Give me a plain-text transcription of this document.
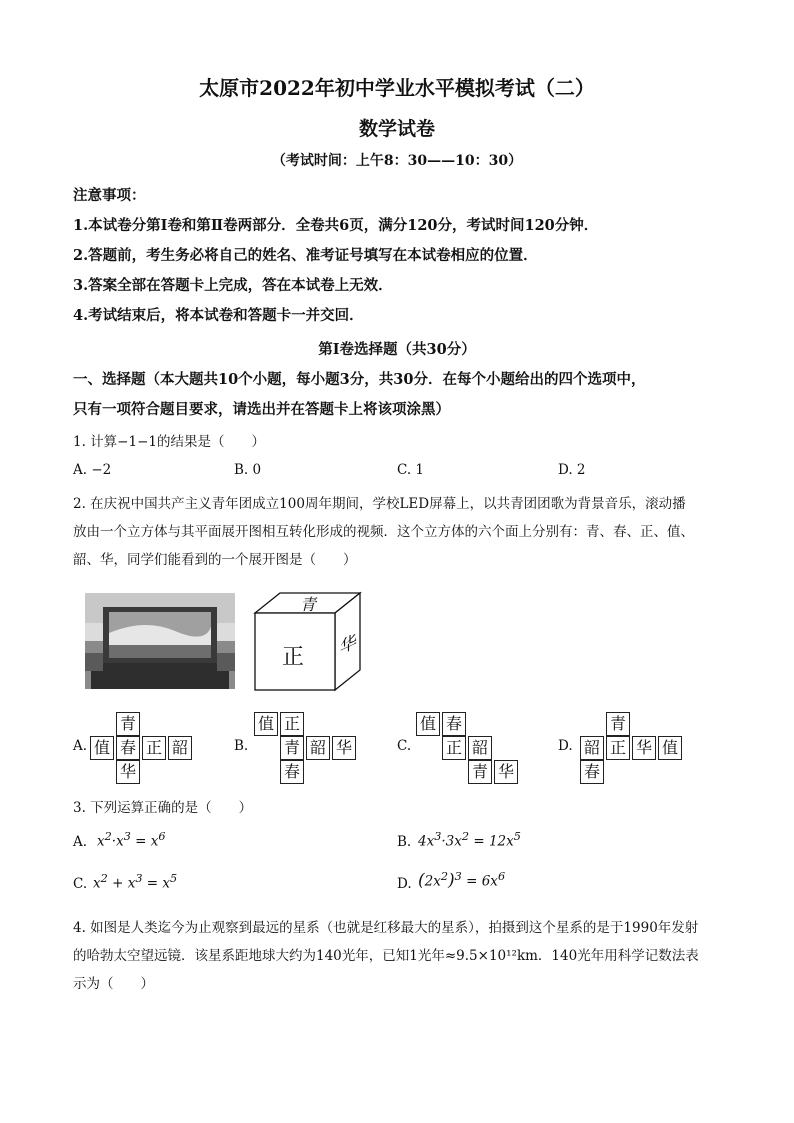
太原市2022年初中学业水平模拟考试（二）
数学试卷
（考试时间：上午8：30——10：30）
注意事项：
1.本试卷分第Ⅰ卷和第Ⅱ卷两部分．全卷共6页，满分120分，考试时间120分钟．
2.答题前，考生务必将自己的姓名、准考证号填写在本试卷相应的位置．
3.答案全部在答题卡上完成，答在本试卷上无效．
4.考试结束后，将本试卷和答题卡一并交回．
第Ⅰ卷选择题（共30分）
一、选择题（本大题共10个小题，每小题3分，共30分．在每个小题给出的四个选项中，
只有一项符合题目要求，请选出并在答题卡上将该项涂黑）
1. 计算−1−1的结果是（　　）
A. −2	B. 0	C. 1	D. 2
2. 在庆祝中国共产主义青年团成立100周年期间，学校LED屏幕上，以共青团团歌为背景音乐，滚动播
放由一个立方体与其平面展开图相互转化形成的视频．这个立方体的六个面上分别有：青、春、正、值、
韶、华，同学们能看到的一个展开图是（　　）
青
正 华
A.
青
值 春 正 韶
华
B.
值 正
青 韶 华
春
C.
值 春
正 韶
青 华
D.
青
韶 正 华 值
春
3. 下列运算正确的是（　　）
A. $x^2\cdot x^3 = x^6$	B. $4x^3\cdot 3x^2 = 12x^5$
C. $x^2 + x^3 = x^5$	D. $(2x^2)^3 = 6x^6$
4. 如图是人类迄今为止观察到最远的星系（也就是红移最大的星系），拍摄到这个星系的是于1990年发射
的哈勃太空望远镜．该星系距地球大约为140光年，已知1光年≈9.5×10¹²km．140光年用科学记数法表
示为（　　）
